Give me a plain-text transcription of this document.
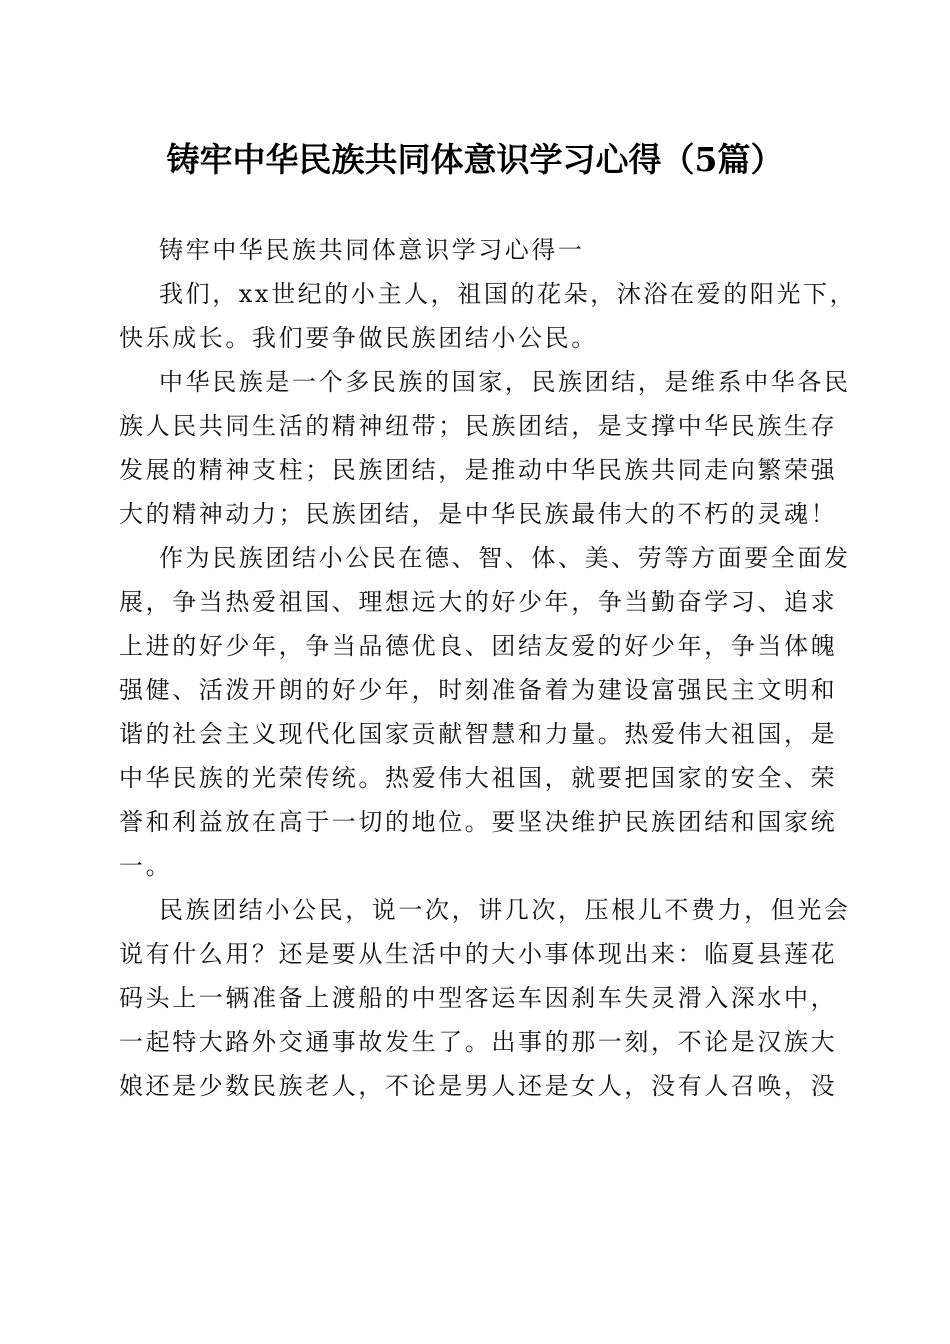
铸牢中华民族共同体意识学习心得（5篇）

铸牢中华民族共同体意识学习心得一

我们，xx世纪的小主人，祖国的花朵，沐浴在爱的阳光下，
快乐成长。我们要争做民族团结小公民。

中华民族是一个多民族的国家，民族团结，是维系中华各民
族人民共同生活的精神纽带；民族团结，是支撑中华民族生存
发展的精神支柱；民族团结，是推动中华民族共同走向繁荣强
大的精神动力；民族团结，是中华民族最伟大的不朽的灵魂！

作为民族团结小公民在德、智、体、美、劳等方面要全面发
展，争当热爱祖国、理想远大的好少年，争当勤奋学习、追求
上进的好少年，争当品德优良、团结友爱的好少年，争当体魄
强健、活泼开朗的好少年，时刻准备着为建设富强民主文明和
谐的社会主义现代化国家贡献智慧和力量。热爱伟大祖国，是
中华民族的光荣传统。热爱伟大祖国，就要把国家的安全、荣
誉和利益放在高于一切的地位。要坚决维护民族团结和国家统
一。

民族团结小公民，说一次，讲几次，压根儿不费力，但光会
说有什么用？还是要从生活中的大小事体现出来：临夏县莲花
码头上一辆准备上渡船的中型客运车因刹车失灵滑入深水中，
一起特大路外交通事故发生了。出事的那一刻，不论是汉族大
娘还是少数民族老人，不论是男人还是女人，没有人召唤，没
